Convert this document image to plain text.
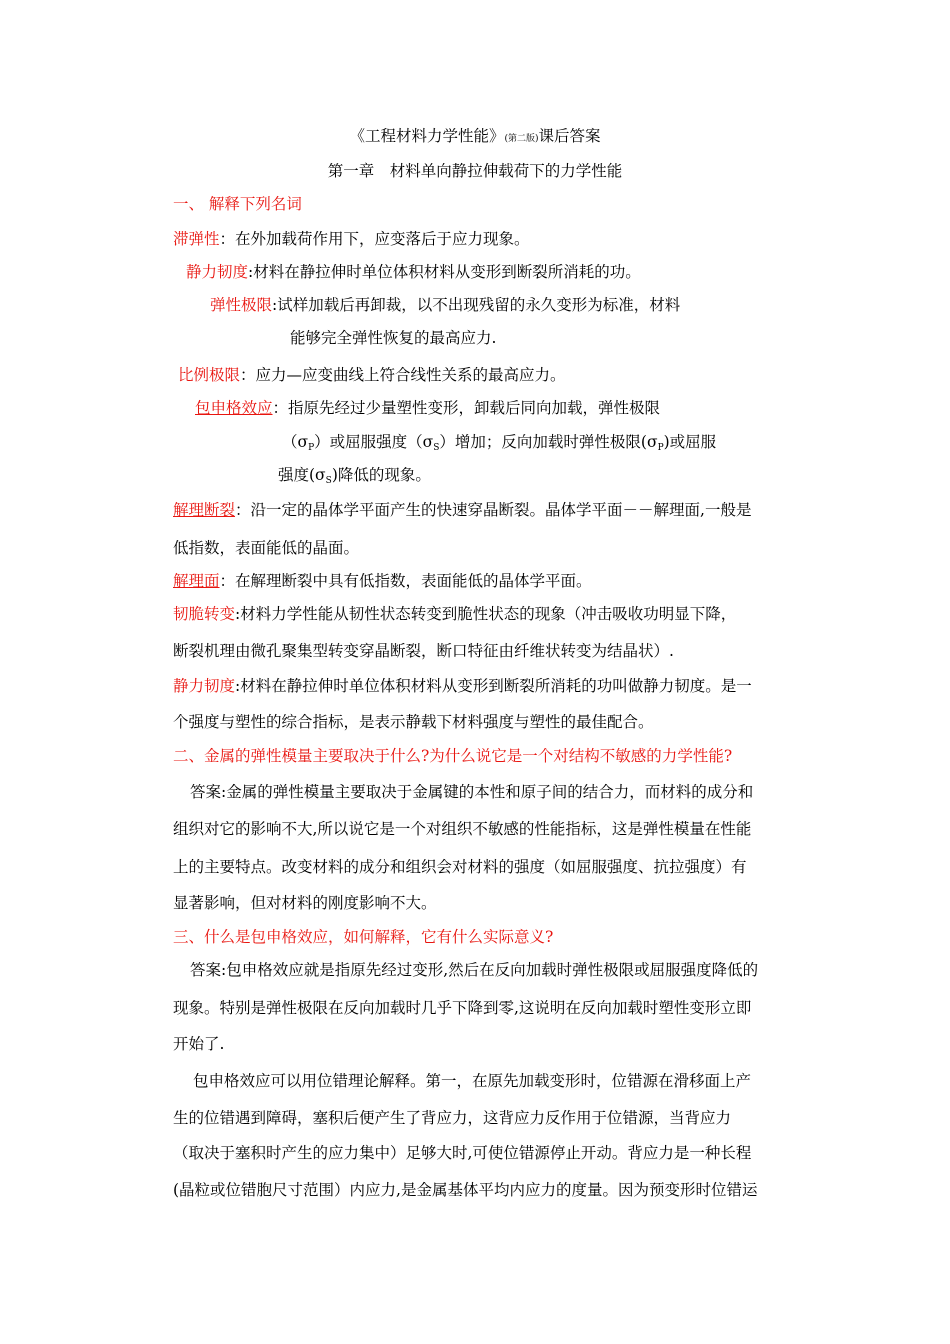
《工程材料力学性能》(第二版)课后答案
第一章　材料单向静拉伸载荷下的力学性能
一、 解释下列名词
滞弹性：在外加载荷作用下，应变落后于应力现象。
静力韧度:材料在静拉伸时单位体积材料从变形到断裂所消耗的功。
弹性极限:试样加载后再卸裁，以不出现残留的永久变形为标准，材料
能够完全弹性恢复的最高应力.
比例极限：应力—应变曲线上符合线性关系的最高应力。
包申格效应：指原先经过少量塑性变形，卸载后同向加载，弹性极限
$(\sigma_P)$或屈服强度$(\sigma_S)$增加；反向加载时弹性极限$(\sigma_P)$或屈服
强度$(\sigma_S)$降低的现象。
解理断裂：沿一定的晶体学平面产生的快速穿晶断裂。晶体学平面－－解理面,一般是
低指数，表面能低的晶面。
解理面：在解理断裂中具有低指数，表面能低的晶体学平面。
韧脆转变:材料力学性能从韧性状态转变到脆性状态的现象（冲击吸收功明显下降，
断裂机理由微孔聚集型转变穿晶断裂，断口特征由纤维状转变为结晶状）.
静力韧度:材料在静拉伸时单位体积材料从变形到断裂所消耗的功叫做静力韧度。是一
个强度与塑性的综合指标，是表示静载下材料强度与塑性的最佳配合。
二、金属的弹性模量主要取决于什么?为什么说它是一个对结构不敏感的力学性能?
答案:金属的弹性模量主要取决于金属键的本性和原子间的结合力，而材料的成分和
组织对它的影响不大,所以说它是一个对组织不敏感的性能指标，这是弹性模量在性能
上的主要特点。改变材料的成分和组织会对材料的强度（如屈服强度、抗拉强度）有
显著影响，但对材料的刚度影响不大。
三、什么是包申格效应，如何解释，它有什么实际意义?
答案:包申格效应就是指原先经过变形,然后在反向加载时弹性极限或屈服强度降低的
现象。特别是弹性极限在反向加载时几乎下降到零,这说明在反向加载时塑性变形立即
开始了.
包申格效应可以用位错理论解释。第一，在原先加载变形时，位错源在滑移面上产
生的位错遇到障碍，塞积后便产生了背应力，这背应力反作用于位错源，当背应力
（取决于塞积时产生的应力集中）足够大时,可使位错源停止开动。背应力是一种长程
(晶粒或位错胞尺寸范围）内应力,是金属基体平均内应力的度量。因为预变形时位错运
